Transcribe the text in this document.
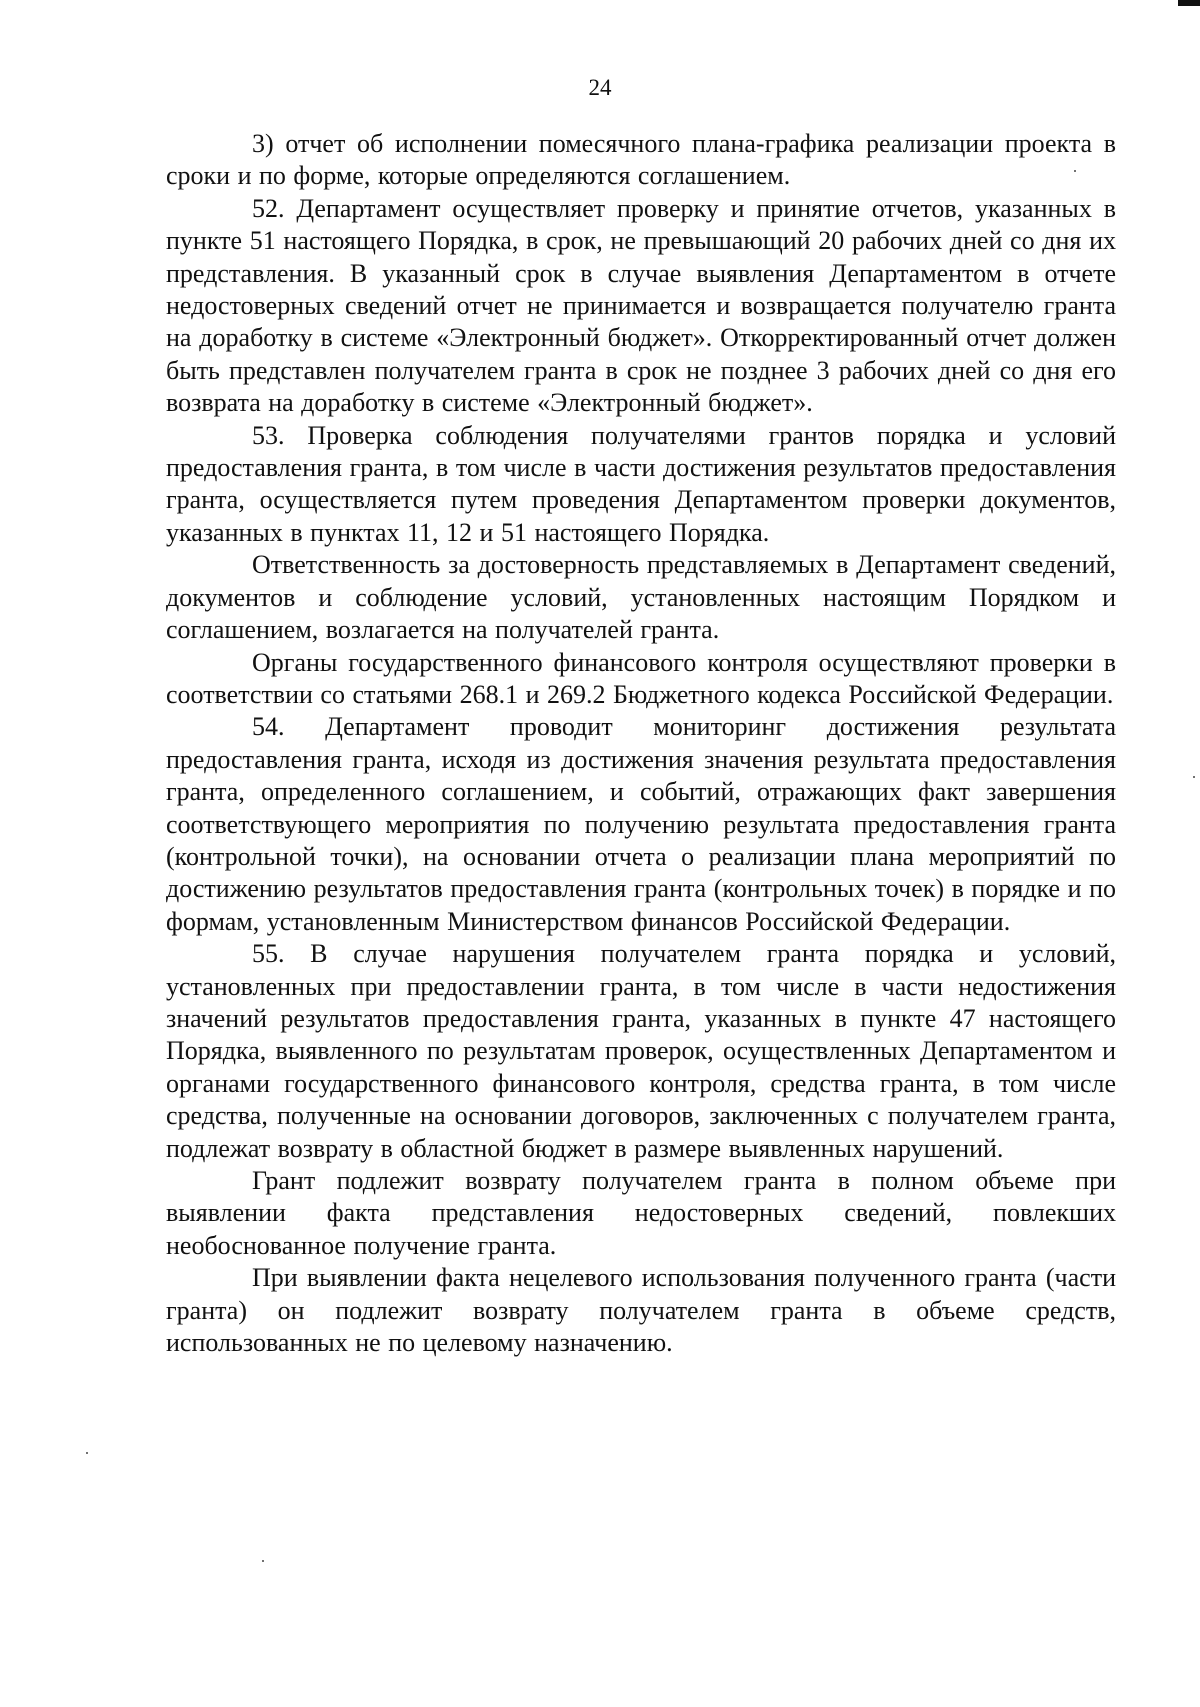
24

3) отчет об исполнении помесячного плана-графика реализации проекта в сроки и по форме, которые определяются соглашением.

52. Департамент осуществляет проверку и принятие отчетов, указанных в пункте 51 настоящего Порядка, в срок, не превышающий 20 рабочих дней со дня их представления. В указанный срок в случае выявления Департаментом в отчете недостоверных сведений отчет не принимается и возвращается получателю гранта на доработку в системе «Электронный бюджет». Откорректированный отчет должен быть представлен получателем гранта в срок не позднее 3 рабочих дней со дня его возврата на доработку в системе «Электронный бюджет».

53. Проверка соблюдения получателями грантов порядка и условий предоставления гранта, в том числе в части достижения результатов предоставления гранта, осуществляется путем проведения Департаментом проверки документов, указанных в пунктах 11, 12 и 51 настоящего Порядка.

Ответственность за достоверность представляемых в Департамент сведений, документов и соблюдение условий, установленных настоящим Порядком и соглашением, возлагается на получателей гранта.

Органы государственного финансового контроля осуществляют проверки в соответствии со статьями 268.1 и 269.2 Бюджетного кодекса Российской Федерации.

54. Департамент проводит мониторинг достижения результата предоставления гранта, исходя из достижения значения результата предоставления гранта, определенного соглашением, и событий, отражающих факт завершения соответствующего мероприятия по получению результата предоставления гранта (контрольной точки), на основании отчета о реализации плана мероприятий по достижению результатов предоставления гранта (контрольных точек) в порядке и по формам, установленным Министерством финансов Российской Федерации.

55. В случае нарушения получателем гранта порядка и условий, установленных при предоставлении гранта, в том числе в части недостижения значений результатов предоставления гранта, указанных в пункте 47 настоящего Порядка, выявленного по результатам проверок, осуществленных Департаментом и органами государственного финансового контроля, средства гранта, в том числе средства, полученные на основании договоров, заключенных с получателем гранта, подлежат возврату в областной бюджет в размере выявленных нарушений.

Грант подлежит возврату получателем гранта в полном объеме при выявлении факта представления недостоверных сведений, повлекших необоснованное получение гранта.

При выявлении факта нецелевого использования полученного гранта (части гранта) он подлежит возврату получателем гранта в объеме средств, использованных не по целевому назначению.
